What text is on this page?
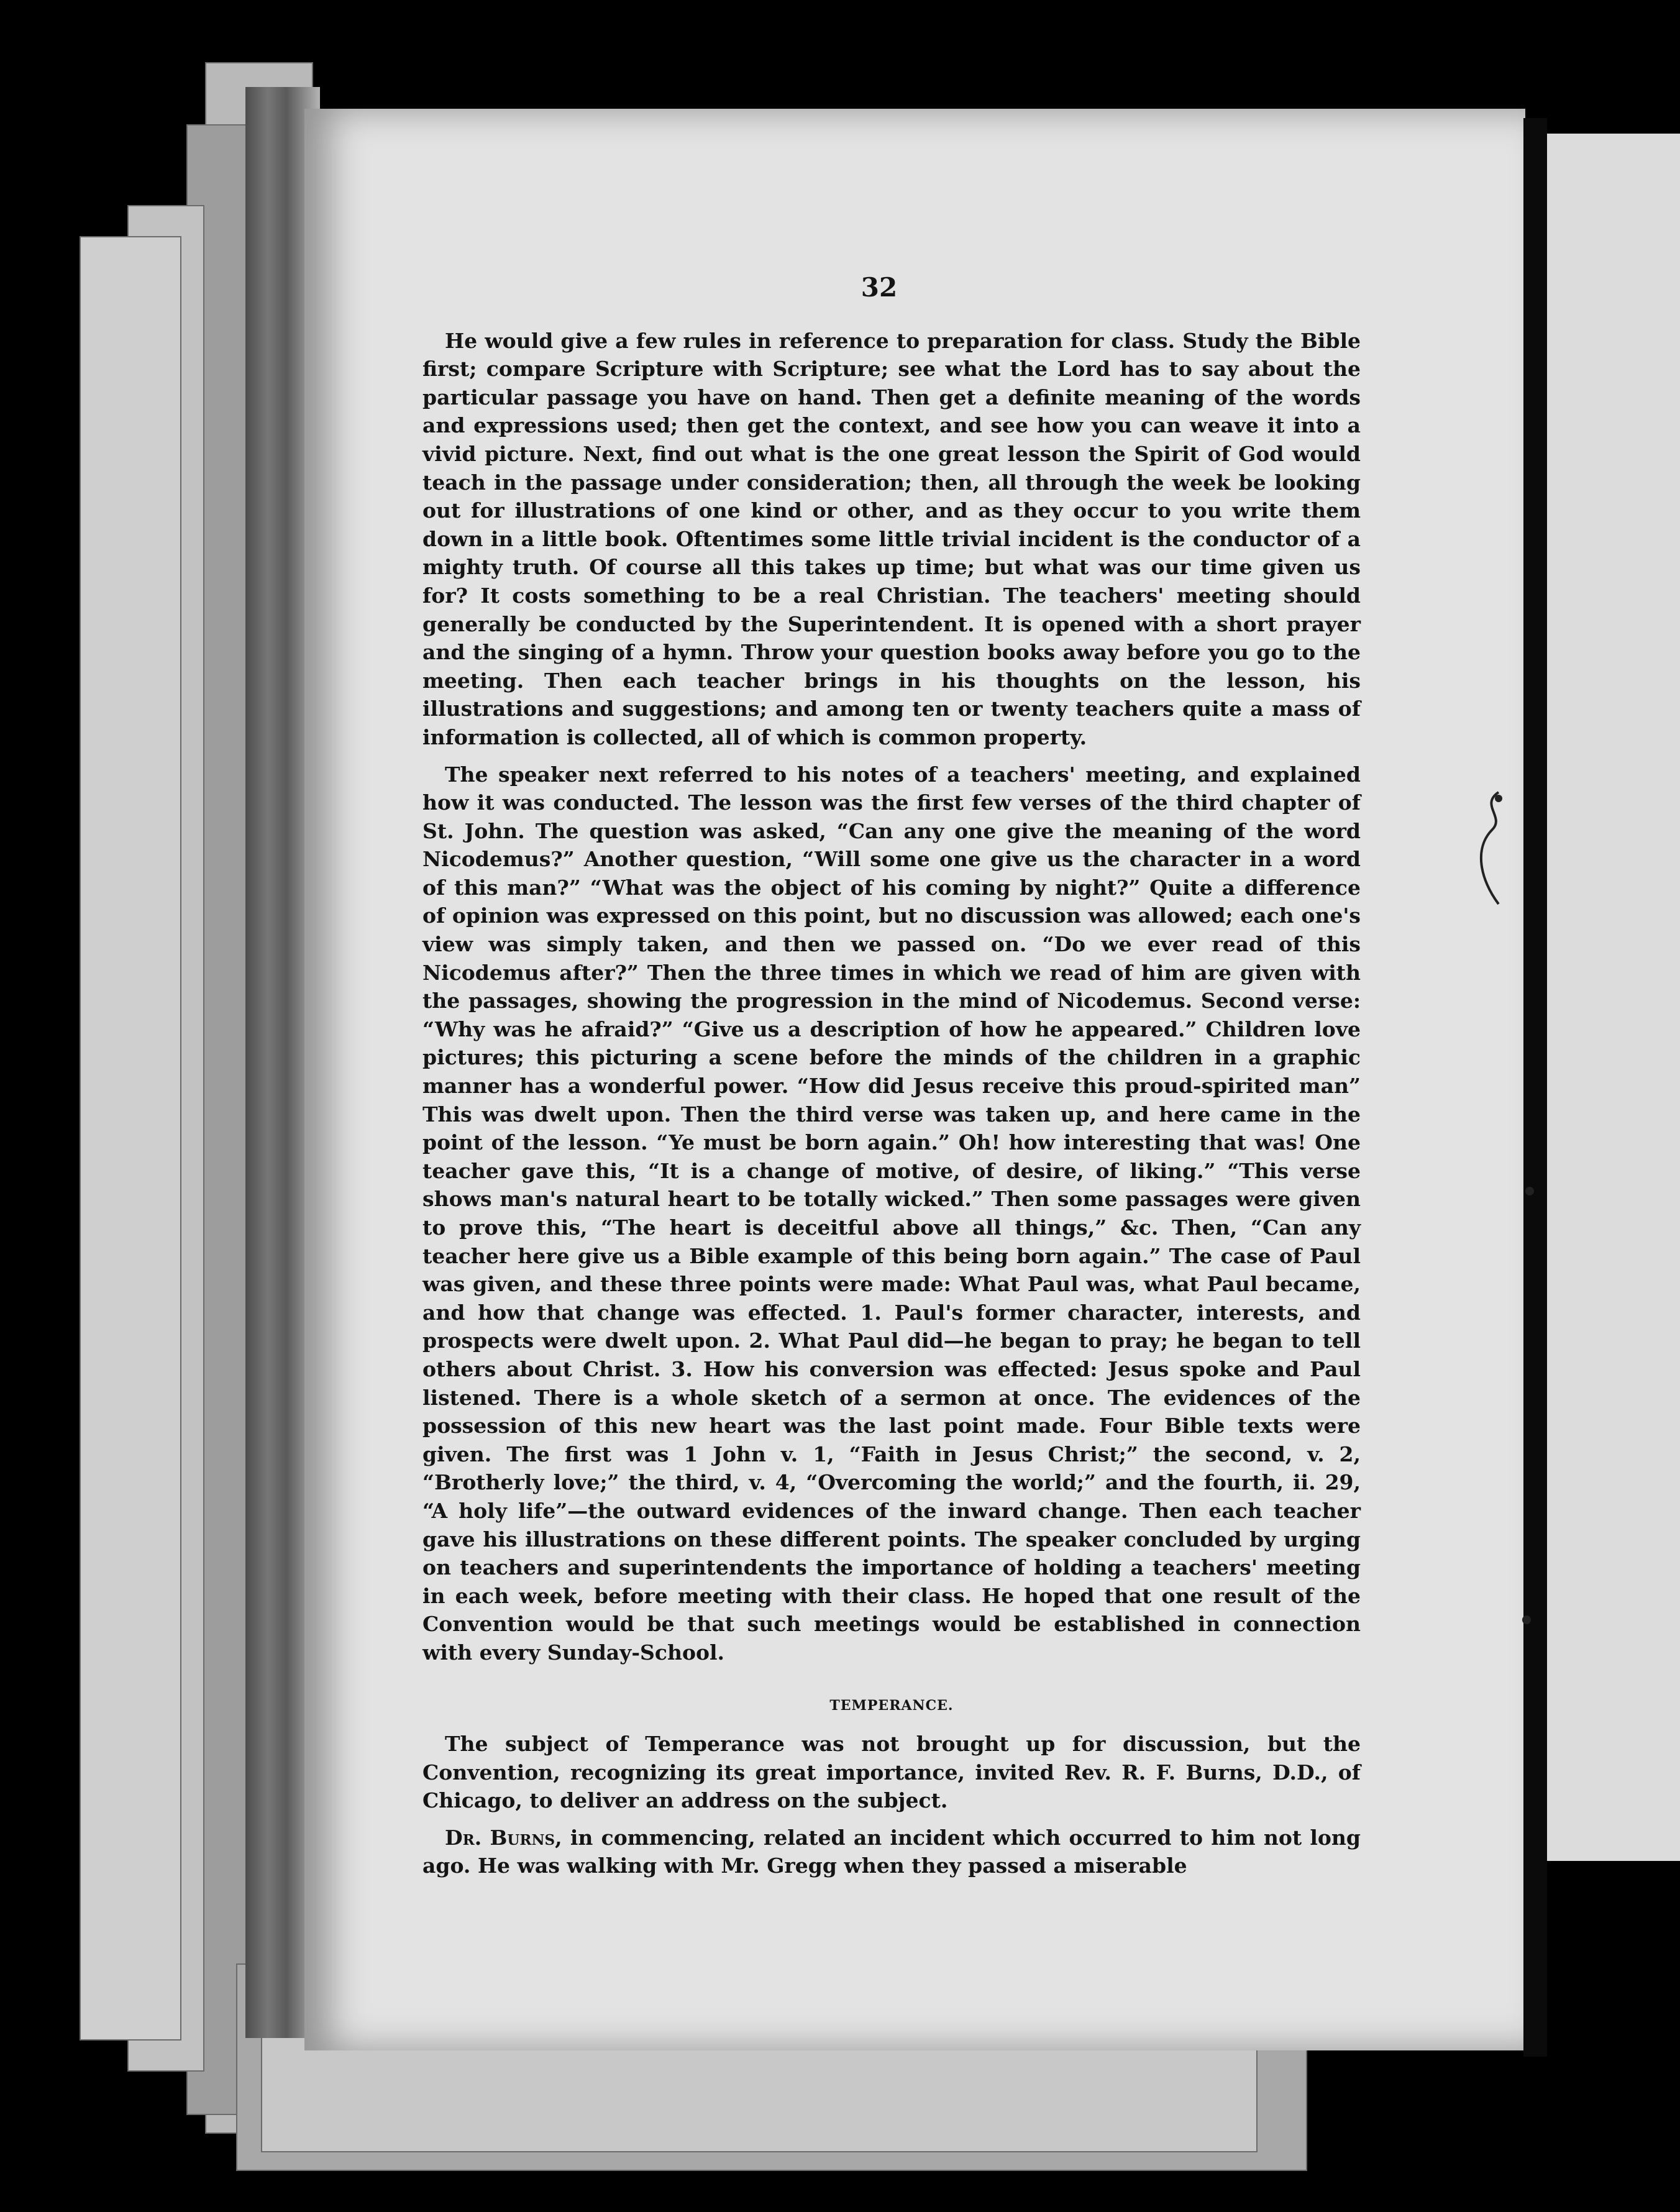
32

He would give a few rules in reference to preparation for class. Study the Bible first; compare Scripture with Scripture; see what the Lord has to say about the particular passage you have on hand. Then get a definite meaning of the words and expressions used; then get the context, and see how you can weave it into a vivid picture. Next, find out what is the one great lesson the Spirit of God would teach in the passage under consideration; then, all through the week be looking out for illustrations of one kind or other, and as they occur to you write them down in a little book. Oftentimes some little trivial incident is the conductor of a mighty truth. Of course all this takes up time; but what was our time given us for? It costs something to be a real Christian. The teachers' meeting should generally be conducted by the Superintendent. It is opened with a short prayer and the singing of a hymn. Throw your question books away before you go to the meeting. Then each teacher brings in his thoughts on the lesson, his illustrations and suggestions; and among ten or twenty teachers quite a mass of information is collected, all of which is common property.

The speaker next referred to his notes of a teachers' meeting, and explained how it was conducted. The lesson was the first few verses of the third chapter of St. John. The question was asked, “Can any one give the meaning of the word Nicodemus?” Another question, “Will some one give us the character in a word of this man?” “What was the object of his coming by night?” Quite a difference of opinion was expressed on this point, but no discussion was allowed; each one's view was simply taken, and then we passed on. “Do we ever read of this Nicodemus after?” Then the three times in which we read of him are given with the passages, showing the progression in the mind of Nicodemus. Second verse: “Why was he afraid?” “Give us a description of how he appeared.” Children love pictures; this picturing a scene before the minds of the children in a graphic manner has a wonderful power. “How did Jesus receive this proud-spirited man” This was dwelt upon. Then the third verse was taken up, and here came in the point of the lesson. “Ye must be born again.” Oh! how interesting that was! One teacher gave this, “It is a change of motive, of desire, of liking.” “This verse shows man's natural heart to be totally wicked.” Then some passages were given to prove this, “The heart is deceitful above all things,” &c. Then, “Can any teacher here give us a Bible example of this being born again.” The case of Paul was given, and these three points were made: What Paul was, what Paul became, and how that change was effected. 1. Paul's former character, interests, and prospects were dwelt upon. 2. What Paul did—he began to pray; he began to tell others about Christ. 3. How his conversion was effected: Jesus spoke and Paul listened. There is a whole sketch of a sermon at once. The evidences of the possession of this new heart was the last point made. Four Bible texts were given. The first was 1 John v. 1, “Faith in Jesus Christ;” the second, v. 2, “Brotherly love;” the third, v. 4, “Overcoming the world;” and the fourth, ii. 29, “A holy life”—the outward evidences of the inward change. Then each teacher gave his illustrations on these different points. The speaker concluded by urging on teachers and superintendents the importance of holding a teachers' meeting in each week, before meeting with their class. He hoped that one result of the Convention would be that such meetings would be established in connection with every Sunday-School.

TEMPERANCE.

The subject of Temperance was not brought up for discussion, but the Convention, recognizing its great importance, invited Rev. R. F. Burns, D.D., of Chicago, to deliver an address on the subject.

Dr. Burns, in commencing, related an incident which occurred to him not long ago. He was walking with Mr. Gregg when they passed a miserable
